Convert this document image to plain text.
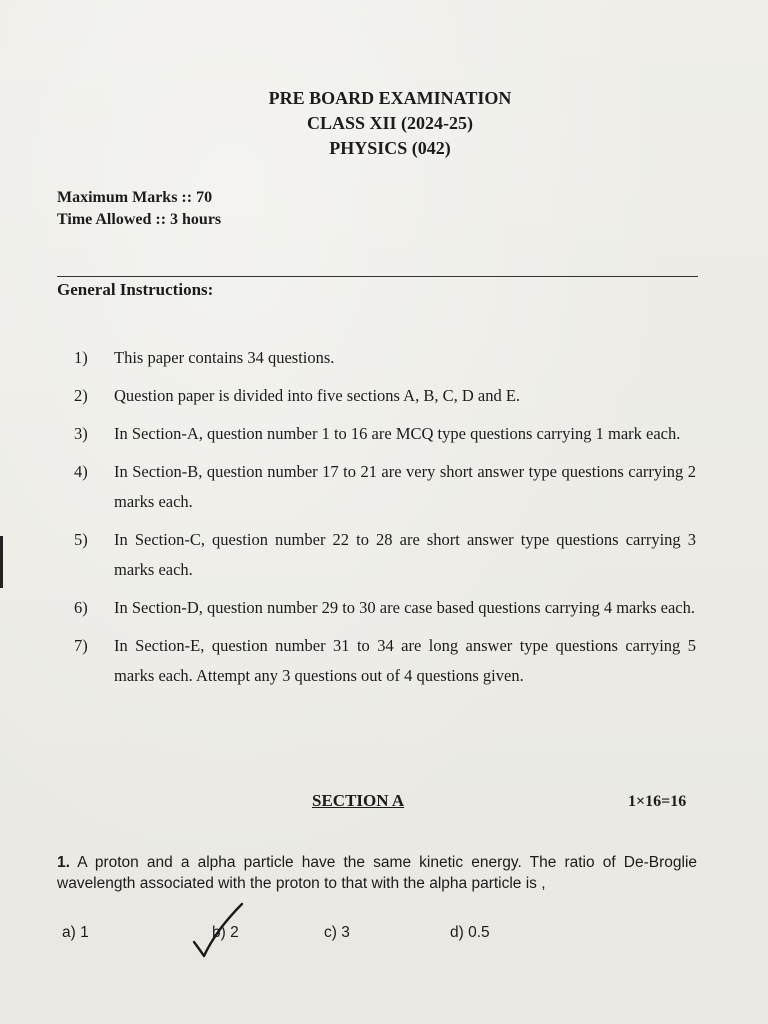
PRE BOARD EXAMINATION
CLASS XII (2024-25)
PHYSICS (042)
Maximum Marks :: 70
Time Allowed :: 3 hours
General Instructions:
1)	This paper contains 34 questions.
2)	Question paper is divided into five sections A, B, C, D and E.
3)	In Section-A, question number 1 to 16 are MCQ type questions carrying 1 mark each.
4)	In Section-B, question number 17 to 21 are very short answer type questions carrying 2 marks each.
5)	In Section-C, question number 22 to 28 are short answer type questions carrying 3 marks each.
6)	In Section-D, question number 29 to 30 are case based questions carrying 4 marks each.
7)	In Section-E, question number 31 to 34 are long answer type questions carrying 5 marks each. Attempt any 3 questions out of 4 questions given.
SECTION A	1×16=16
1. A proton and a alpha particle have the same kinetic energy. The ratio of De-Broglie wavelength associated with the proton to that with the alpha particle is ,
a) 1	b) 2	c) 3	d) 0.5
